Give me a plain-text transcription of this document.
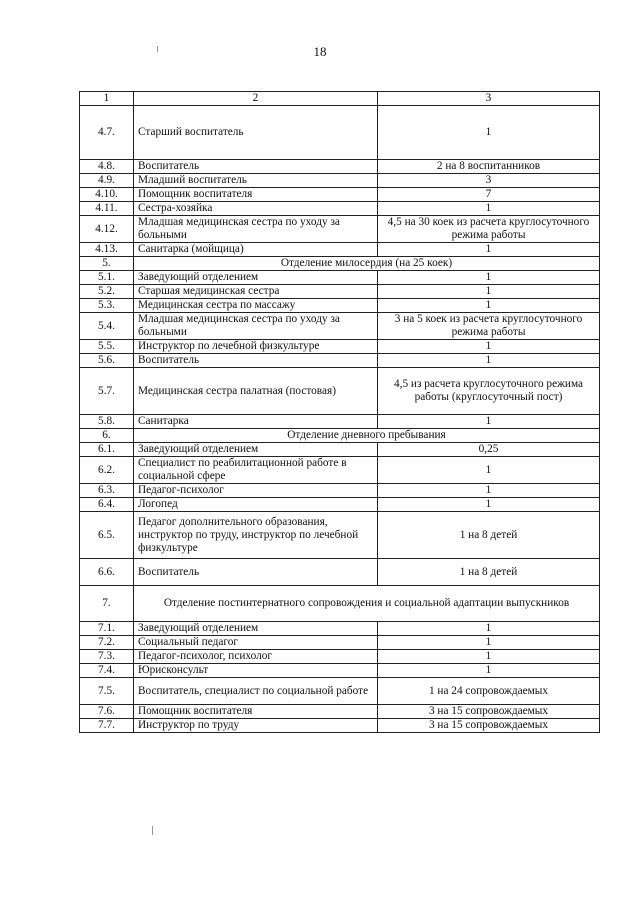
18
1	2	3
4.7.	Старший воспитатель	1
4.8.	Воспитатель	2 на 8 воспитанников
4.9.	Младший воспитатель	3
4.10.	Помощник воспитателя	7
4.11.	Сестра-хозяйка	1
4.12.	Младшая медицинская сестра по уходу за больными	4,5 на 30 коек из расчета круглосуточного режима работы
4.13.	Санитарка (мойщица)	1
5.	Отделение милосердия (на 25 коек)	
5.1.	Заведующий отделением	1
5.2.	Старшая медицинская сестра	1
5.3.	Медицинская сестра по массажу	1
5.4.	Младшая медицинская сестра по уходу за больными	3 на 5 коек из расчета круглосуточного режима работы
5.5.	Инструктор по лечебной физкультуре	1
5.6.	Воспитатель	1
5.7.	Медицинская сестра палатная (постовая)	4,5 из расчета круглосуточного режима работы (круглосуточный пост)
5.8.	Санитарка	1
6.	Отделение дневного пребывания	
6.1.	Заведующий отделением	0,25
6.2.	Специалист по реабилитационной работе в социальной сфере	1
6.3.	Педагог-психолог	1
6.4.	Логопед	1
6.5.	Педагог дополнительного образования, инструктор по труду, инструктор по лечебной физкультуре	1 на 8 детей
6.6.	Воспитатель	1 на 8 детей
7.	Отделение постинтернатного сопровождения и социальной адаптации выпускников	
7.1.	Заведующий отделением	1
7.2.	Социальный педагог	1
7.3.	Педагог-психолог, психолог	1
7.4.	Юрисконсульт	1
7.5.	Воспитатель, специалист по социальной работе	1 на 24 сопровождаемых
7.6.	Помощник воспитателя	3 на 15 сопровождаемых
7.7.	Инструктор по труду	3 на 15 сопровождаемых
